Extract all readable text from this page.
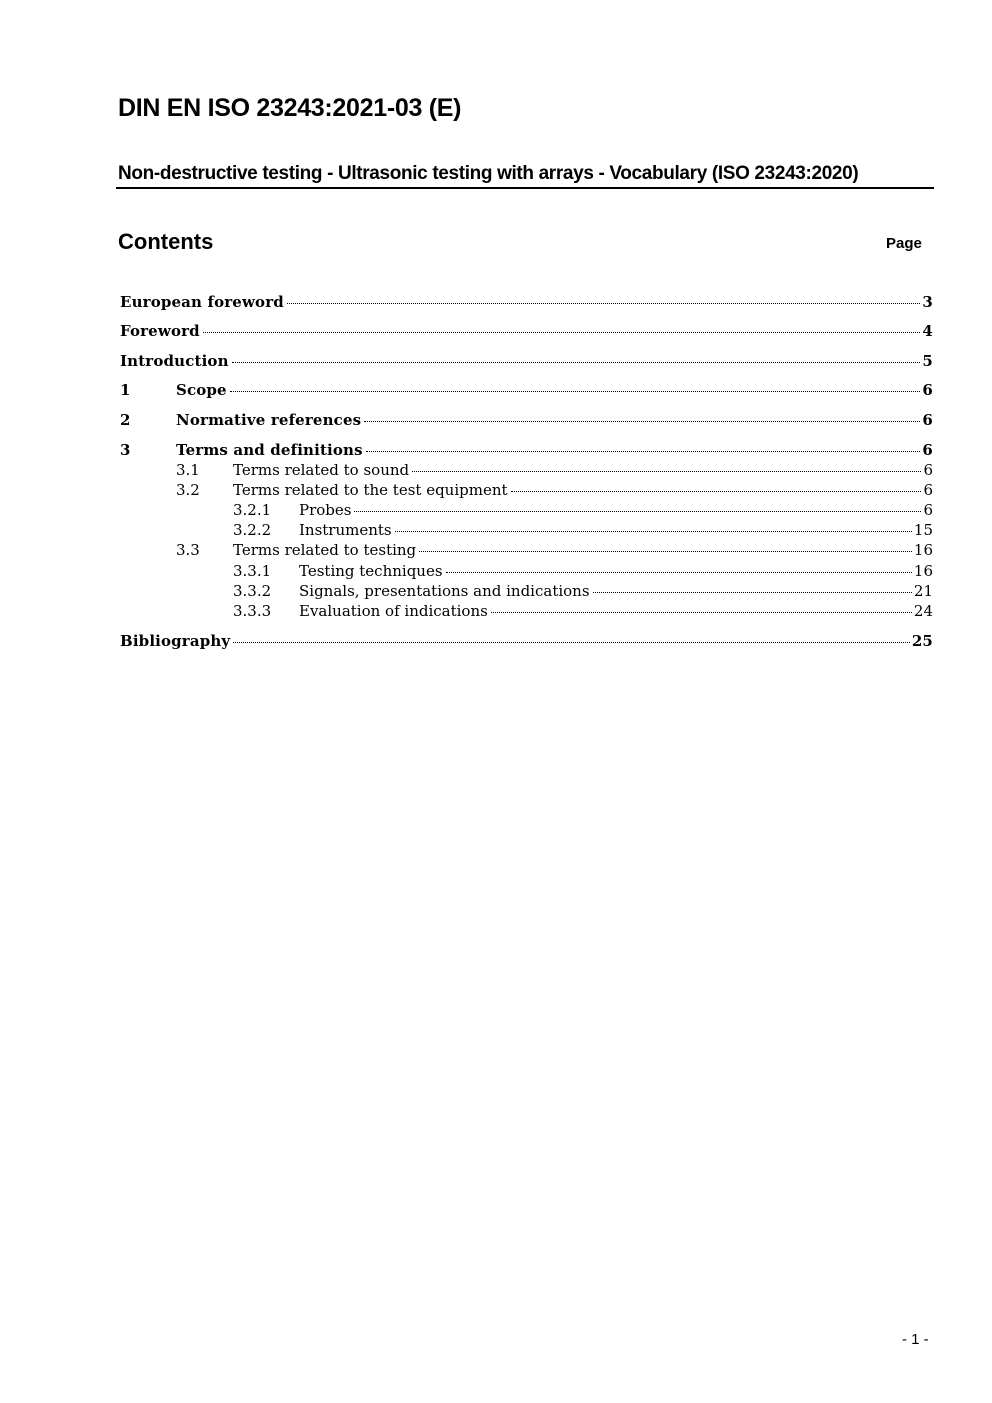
DIN EN ISO 23243:2021-03 (E)
Non-destructive testing - Ultrasonic testing with arrays - Vocabulary (ISO 23243:2020)
Contents	Page
European foreword	3
Foreword	4
Introduction	5
1	Scope	6
2	Normative references	6
3	Terms and definitions	6
3.1	Terms related to sound	6
3.2	Terms related to the test equipment	6
3.2.1	Probes	6
3.2.2	Instruments	15
3.3	Terms related to testing	16
3.3.1	Testing techniques	16
3.3.2	Signals, presentations and indications	21
3.3.3	Evaluation of indications	24
Bibliography	25
- 1 -
